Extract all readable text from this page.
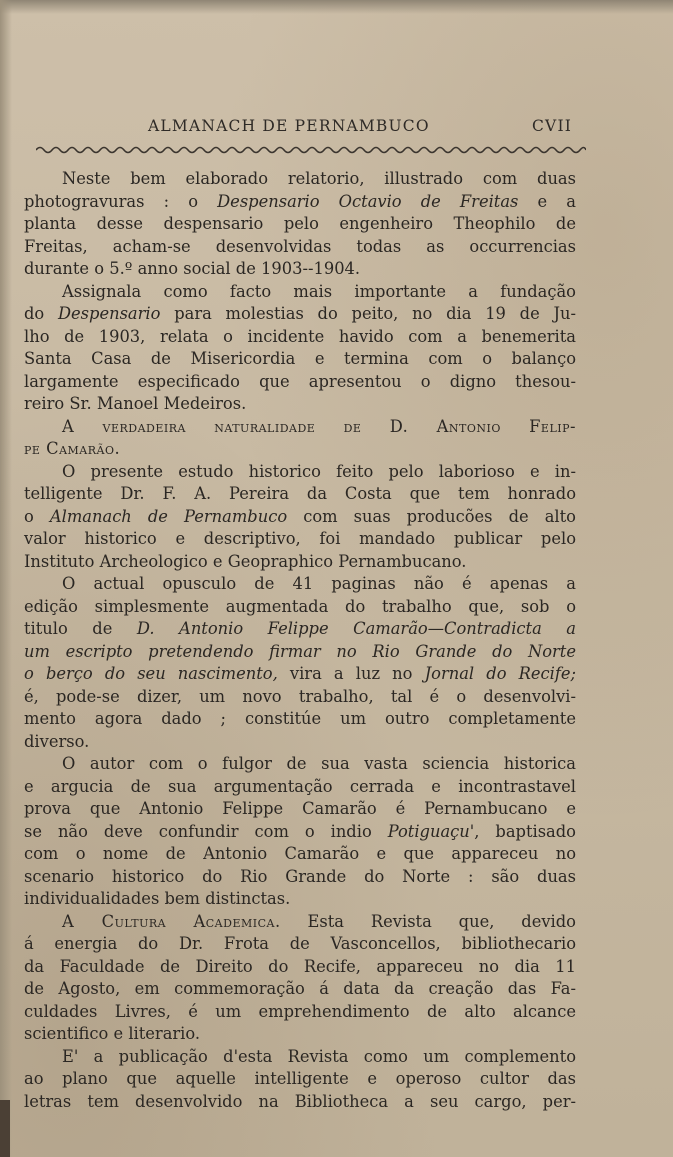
ALMANACH DE PERNAMBUCO	CVII
Neste bem elaborado relatorio, illustrado com duas
photogravuras : o Despensario Octavio de Freitas e a
planta desse despensario pelo engenheiro Theophilo de
Freitas, acham-se desenvolvidas todas as occurrencias
durante o 5.º anno social de 1903--1904.
Assignala como facto mais importante a fundação
do Despensario para molestias do peito, no dia 19 de Ju-
lho de 1903, relata o incidente havido com a benemerita
Santa Casa de Misericordia e termina com o balanço
largamente especificado que apresentou o digno thesou-
reiro Sr. Manoel Medeiros.
A verdadeira naturalidade de D. Antonio Felip-
pe Camarão.
O presente estudo historico feito pelo laborioso e in-
telligente Dr. F. A. Pereira da Costa que tem honrado
o Almanach de Pernambuco com suas producões de alto
valor historico e descriptivo, foi mandado publicar pelo
Instituto Archeologico e Geopraphico Pernambucano.
O actual opusculo de 41 paginas não é apenas a
edição simplesmente augmentada do trabalho que, sob o
titulo de D. Antonio Felippe Camarão—Contradicta a
um escripto pretendendo firmar no Rio Grande do Norte
o berço do seu nascimento, vira a luz no Jornal do Recife;
é, pode-se dizer, um novo trabalho, tal é o desenvolvi-
mento agora dado ; constitúe um outro completamente
diverso.
O autor com o fulgor de sua vasta sciencia historica
e argucia de sua argumentação cerrada e incontrastavel
prova que Antonio Felippe Camarão é Pernambucano e
se não deve confundir com o indio Potiguaçu', baptisado
com o nome de Antonio Camarão e que appareceu no
scenario historico do Rio Grande do Norte : são duas
individualidades bem distinctas.
A Cultura Academica. Esta Revista que, devido
á energia do Dr. Frota de Vasconcellos, bibliothecario
da Faculdade de Direito do Recife, appareceu no dia 11
de Agosto, em commemoração á data da creação das Fa-
culdades Livres, é um emprehendimento de alto alcance
scientifico e literario.
E' a publicação d'esta Revista como um complemento
ao plano que aquelle intelligente e operoso cultor das
letras tem desenvolvido na Bibliotheca a seu cargo, per-
